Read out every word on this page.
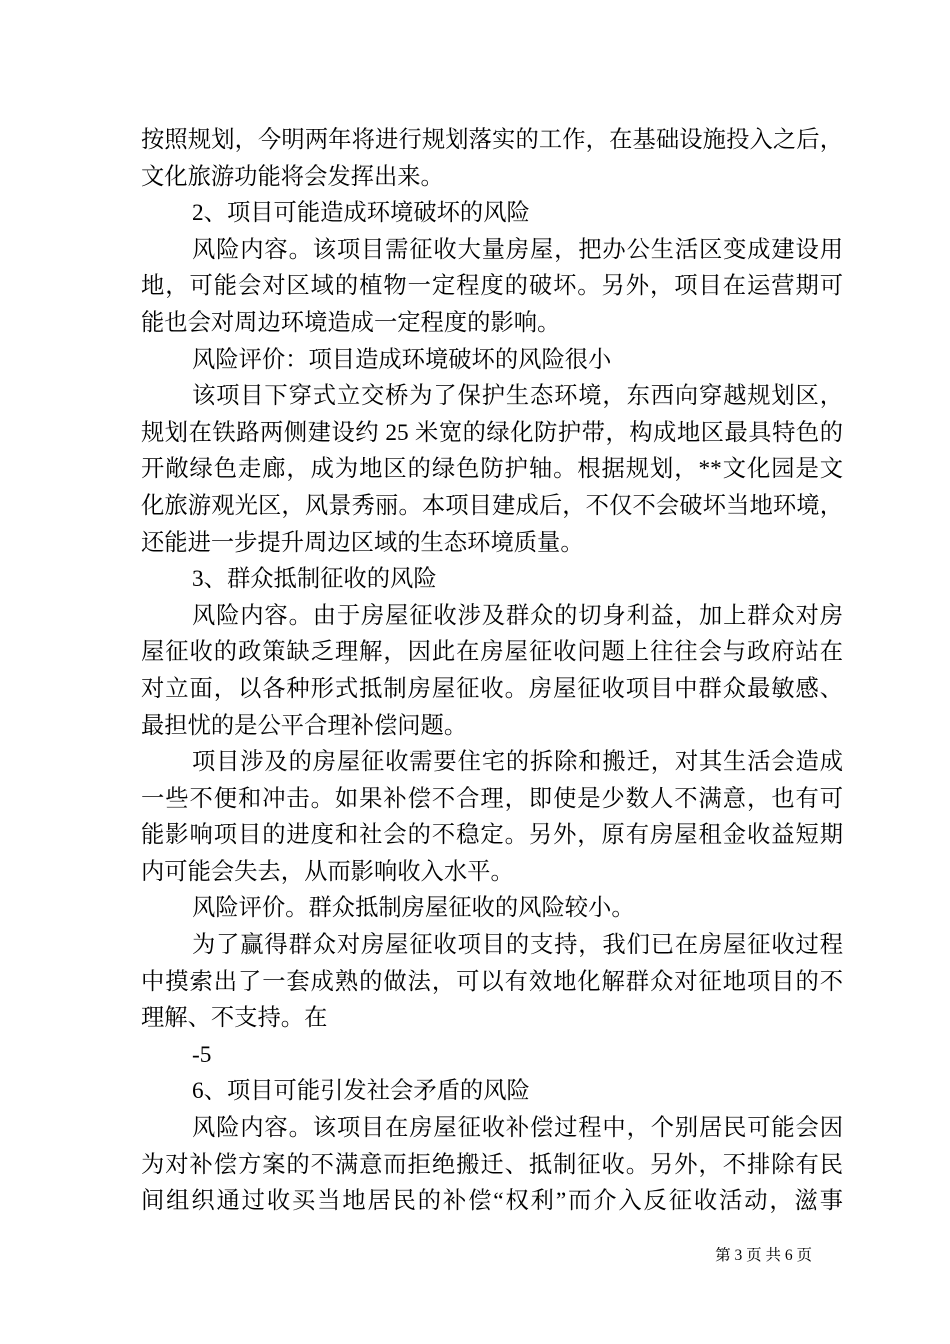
按照规划，今明两年将进行规划落实的工作，在基础设施投入之后，
文化旅游功能将会发挥出来。
2、项目可能造成环境破坏的风险
风险内容。该项目需征收大量房屋，把办公生活区变成建设用
地，可能会对区域的植物一定程度的破坏。另外，项目在运营期可
能也会对周边环境造成一定程度的影响。
风险评价：项目造成环境破坏的风险很小
该项目下穿式立交桥为了保护生态环境，东西向穿越规划区，
规划在铁路两侧建设约 25 米宽的绿化防护带，构成地区最具特色的
开敞绿色走廊，成为地区的绿色防护轴。根据规划，**文化园是文
化旅游观光区，风景秀丽。本项目建成后，不仅不会破坏当地环境，
还能进一步提升周边区域的生态环境质量。
3、群众抵制征收的风险
风险内容。由于房屋征收涉及群众的切身利益，加上群众对房
屋征收的政策缺乏理解，因此在房屋征收问题上往往会与政府站在
对立面，以各种形式抵制房屋征收。房屋征收项目中群众最敏感、
最担忧的是公平合理补偿问题。
项目涉及的房屋征收需要住宅的拆除和搬迁，对其生活会造成
一些不便和冲击。如果补偿不合理，即使是少数人不满意，也有可
能影响项目的进度和社会的不稳定。另外，原有房屋租金收益短期
内可能会失去，从而影响收入水平。
风险评价。群众抵制房屋征收的风险较小。
为了赢得群众对房屋征收项目的支持，我们已在房屋征收过程
中摸索出了一套成熟的做法，可以有效地化解群众对征地项目的不
理解、不支持。在
-5
6、项目可能引发社会矛盾的风险
风险内容。该项目在房屋征收补偿过程中，个别居民可能会因
为对补偿方案的不满意而拒绝搬迁、抵制征收。另外，不排除有民
间组织通过收买当地居民的补偿“权利”而介入反征收活动，滋事
第 3 页 共 6 页
